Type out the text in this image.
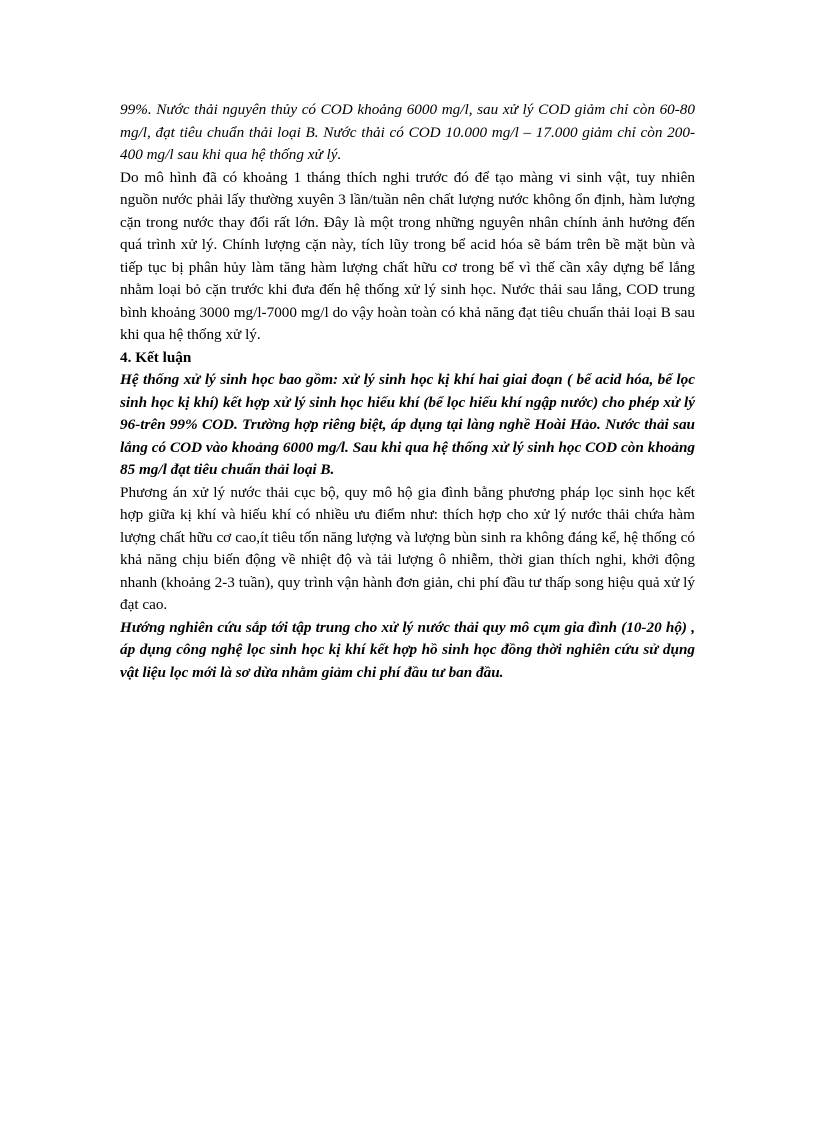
99%. Nước thải nguyên thủy có COD khoảng 6000 mg/l, sau xử lý COD giảm chỉ còn 60-80 mg/l, đạt tiêu chuẩn thải loại B. Nước thải có COD 10.000 mg/l – 17.000 giảm chỉ còn 200-400 mg/l sau khi qua hệ thống xử lý.

Do mô hình đã có khoảng 1 tháng thích nghi trước đó để tạo màng vi sinh vật, tuy nhiên nguồn nước phải lấy thường xuyên 3 lần/tuần nên chất lượng nước không ổn định, hàm lượng cặn trong nước thay đổi rất lớn. Đây là một trong những nguyên nhân chính ảnh hưởng đến quá trình xử lý. Chính lượng cặn này, tích lũy trong bể acid hóa sẽ bám trên bề mặt bùn và tiếp tục bị phân hủy làm tăng hàm lượng chất hữu cơ trong bể vì thế cần xây dựng bể lắng nhằm loại bỏ cặn trước khi đưa đến hệ thống xử lý sinh học. Nước thải sau lắng, COD trung bình khoảng 3000 mg/l-7000 mg/l do vậy hoàn toàn có khả năng đạt tiêu chuẩn thải loại B sau khi qua hệ thống xử lý.

4. Kết luận

Hệ thống xử lý sinh học bao gồm: xử lý sinh học kị khí hai giai đoạn ( bể acid hóa, bể lọc sinh học kị khí) kết hợp xử lý sinh học hiếu khí (bể lọc hiếu khí ngập nước) cho phép xử lý 96-trên 99% COD. Trường hợp riêng biệt, áp dụng tại làng nghề Hoài Hảo. Nước thải sau lắng có COD vào khoảng 6000 mg/l. Sau khi qua hệ thống xử lý sinh học COD còn khoảng 85 mg/l đạt tiêu chuẩn thải loại B.

Phương án xử lý nước thải cục bộ, quy mô hộ gia đình bằng phương pháp lọc sinh học kết hợp giữa kị khí và hiếu khí có nhiều ưu điểm như: thích hợp cho xử lý nước thải chứa hàm lượng chất hữu cơ cao,ít tiêu tốn năng lượng và lượng bùn sinh ra không đáng kể, hệ thống có khả năng chịu biến động về nhiệt độ và tải lượng ô nhiễm, thời gian thích nghi, khởi động nhanh (khoảng 2-3 tuần), quy trình vận hành đơn giản, chi phí đầu tư thấp song hiệu quả xử lý đạt cao.

Hướng nghiên cứu sắp tới tập trung cho xử lý nước thải quy mô cụm gia đình (10-20 hộ) , áp dụng công nghệ lọc sinh học kị khí kết hợp hồ sinh học đồng thời nghiên cứu sử dụng vật liệu lọc mới là sơ dừa nhằm giảm chi phí đầu tư ban đầu.
